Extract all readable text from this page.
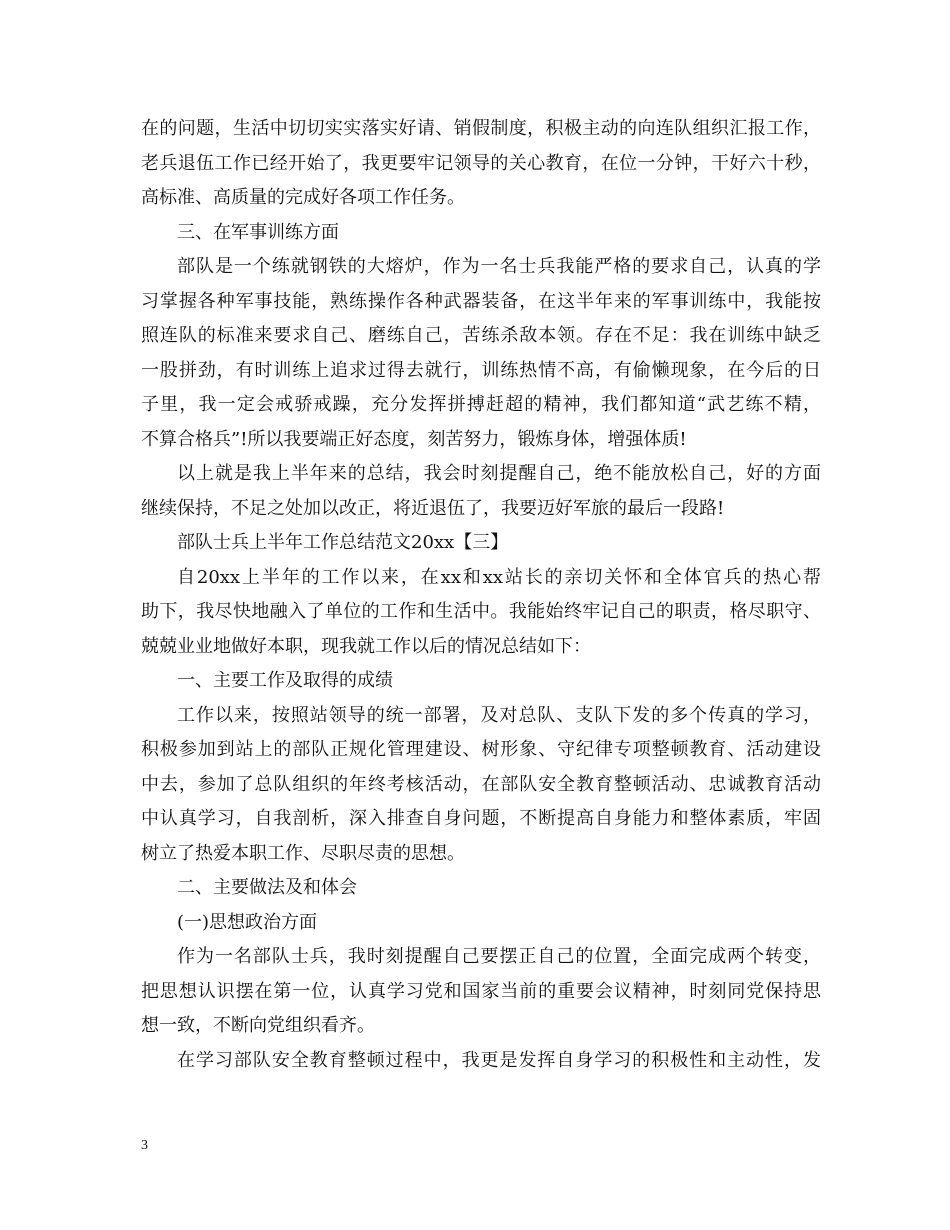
在的问题，生活中切切实实落实好请、销假制度，积极主动的向连队组织汇报工作，
老兵退伍工作已经开始了，我更要牢记领导的关心教育，在位一分钟，干好六十秒，
高标准、高质量的完成好各项工作任务。
三、在军事训练方面
部队是一个练就钢铁的大熔炉，作为一名士兵我能严格的要求自己，认真的学
习掌握各种军事技能，熟练操作各种武器装备，在这半年来的军事训练中，我能按
照连队的标准来要求自己、磨练自己，苦练杀敌本领。存在不足：我在训练中缺乏
一股拼劲，有时训练上追求过得去就行，训练热情不高，有偷懒现象，在今后的日
子里，我一定会戒骄戒躁，充分发挥拼搏赶超的精神，我们都知道“武艺练不精，
不算合格兵”!所以我要端正好态度，刻苦努力，锻炼身体，增强体质!
以上就是我上半年来的总结，我会时刻提醒自己，绝不能放松自己，好的方面
继续保持，不足之处加以改正，将近退伍了，我要迈好军旅的最后一段路!
部队士兵上半年工作总结范文20xx【三】
自20xx上半年的工作以来，在xx和xx站长的亲切关怀和全体官兵的热心帮
助下，我尽快地融入了单位的工作和生活中。我能始终牢记自己的职责，格尽职守、
兢兢业业地做好本职，现我就工作以后的情况总结如下：
一、主要工作及取得的成绩
工作以来，按照站领导的统一部署，及对总队、支队下发的多个传真的学习，
积极参加到站上的部队正规化管理建设、树形象、守纪律专项整顿教育、活动建设
中去，参加了总队组织的年终考核活动，在部队安全教育整顿活动、忠诚教育活动
中认真学习，自我剖析，深入排查自身问题，不断提高自身能力和整体素质，牢固
树立了热爱本职工作、尽职尽责的思想。
二、主要做法及和体会
(一)思想政治方面
作为一名部队士兵，我时刻提醒自己要摆正自己的位置，全面完成两个转变，
把思想认识摆在第一位，认真学习党和国家当前的重要会议精神，时刻同党保持思
想一致，不断向党组织看齐。
在学习部队安全教育整顿过程中，我更是发挥自身学习的积极性和主动性，发
3
